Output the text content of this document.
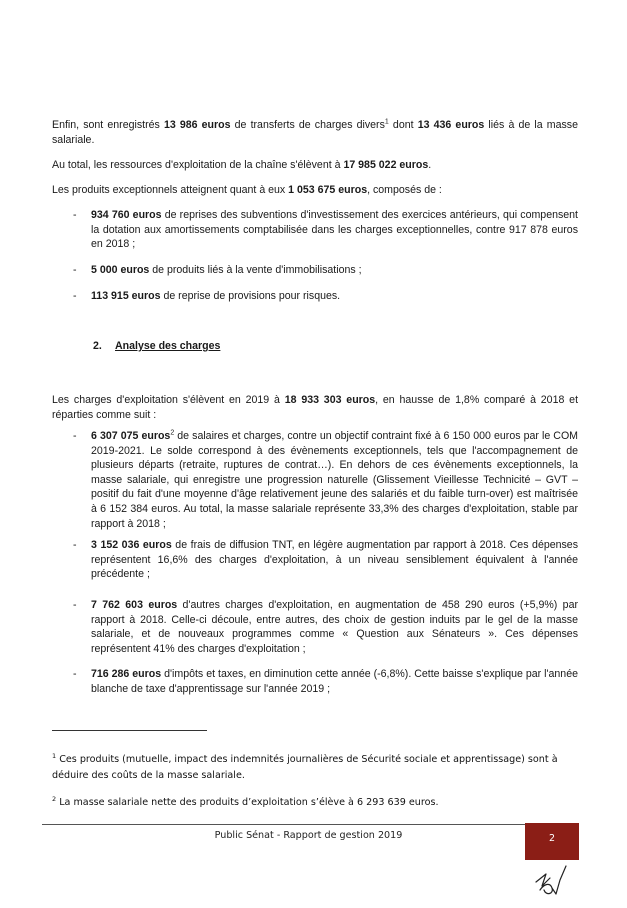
Enfin, sont enregistrés 13 986 euros de transferts de charges divers$^1$ dont 13 436 euros liés à de la masse salariale.

Au total, les ressources d'exploitation de la chaîne s'élèvent à 17 985 022 euros.

Les produits exceptionnels atteignent quant à eux 1 053 675 euros, composés de :

- 934 760 euros de reprises des subventions d'investissement des exercices antérieurs, qui compensent la dotation aux amortissements comptabilisée dans les charges exceptionnelles, contre 917 878 euros en 2018 ;
- 5 000 euros de produits liés à la vente d'immobilisations ;
- 113 915 euros de reprise de provisions pour risques.
2. Analyse des charges

Les charges d'exploitation s'élèvent en 2019 à 18 933 303 euros, en hausse de 1,8% comparé à 2018 et réparties comme suit :

- 6 307 075 euros$^2$ de salaires et charges, contre un objectif contraint fixé à 6 150 000 euros par le COM 2019-2021. Le solde correspond à des évènements exceptionnels, tels que l'accompagnement de plusieurs départs (retraite, ruptures de contrat…). En dehors de ces évènements exceptionnels, la masse salariale, qui enregistre une progression naturelle (Glissement Vieillesse Technicité – GVT – positif du fait d'une moyenne d'âge relativement jeune des salariés et du faible turn-over) est maîtrisée à 6 152 384 euros. Au total, la masse salariale représente 33,3% des charges d'exploitation, stable par rapport à 2018 ;
- 3 152 036 euros de frais de diffusion TNT, en légère augmentation par rapport à 2018. Ces dépenses représentent 16,6% des charges d'exploitation, à un niveau sensiblement équivalent à l'année précédente ;
- 7 762 603 euros d'autres charges d'exploitation, en augmentation de 458 290 euros (+5,9%) par rapport à 2018. Celle-ci découle, entre autres, des choix de gestion induits par le gel de la masse salariale, et de nouveaux programmes comme « Question aux Sénateurs ». Ces dépenses représentent 41% des charges d'exploitation ;
- 716 286 euros d'impôts et taxes, en diminution cette année (-6,8%). Cette baisse s'explique par l'année blanche de taxe d'apprentissage sur l'année 2019 ;
$^1$ Ces produits (mutuelle, impact des indemnités journalières de Sécurité sociale et apprentissage) sont à déduire des coûts de la masse salariale.
$^2$ La masse salariale nette des produits d’exploitation s’élève à 6 293 639 euros.
Public Sénat - Rapport de gestion 2019	2
